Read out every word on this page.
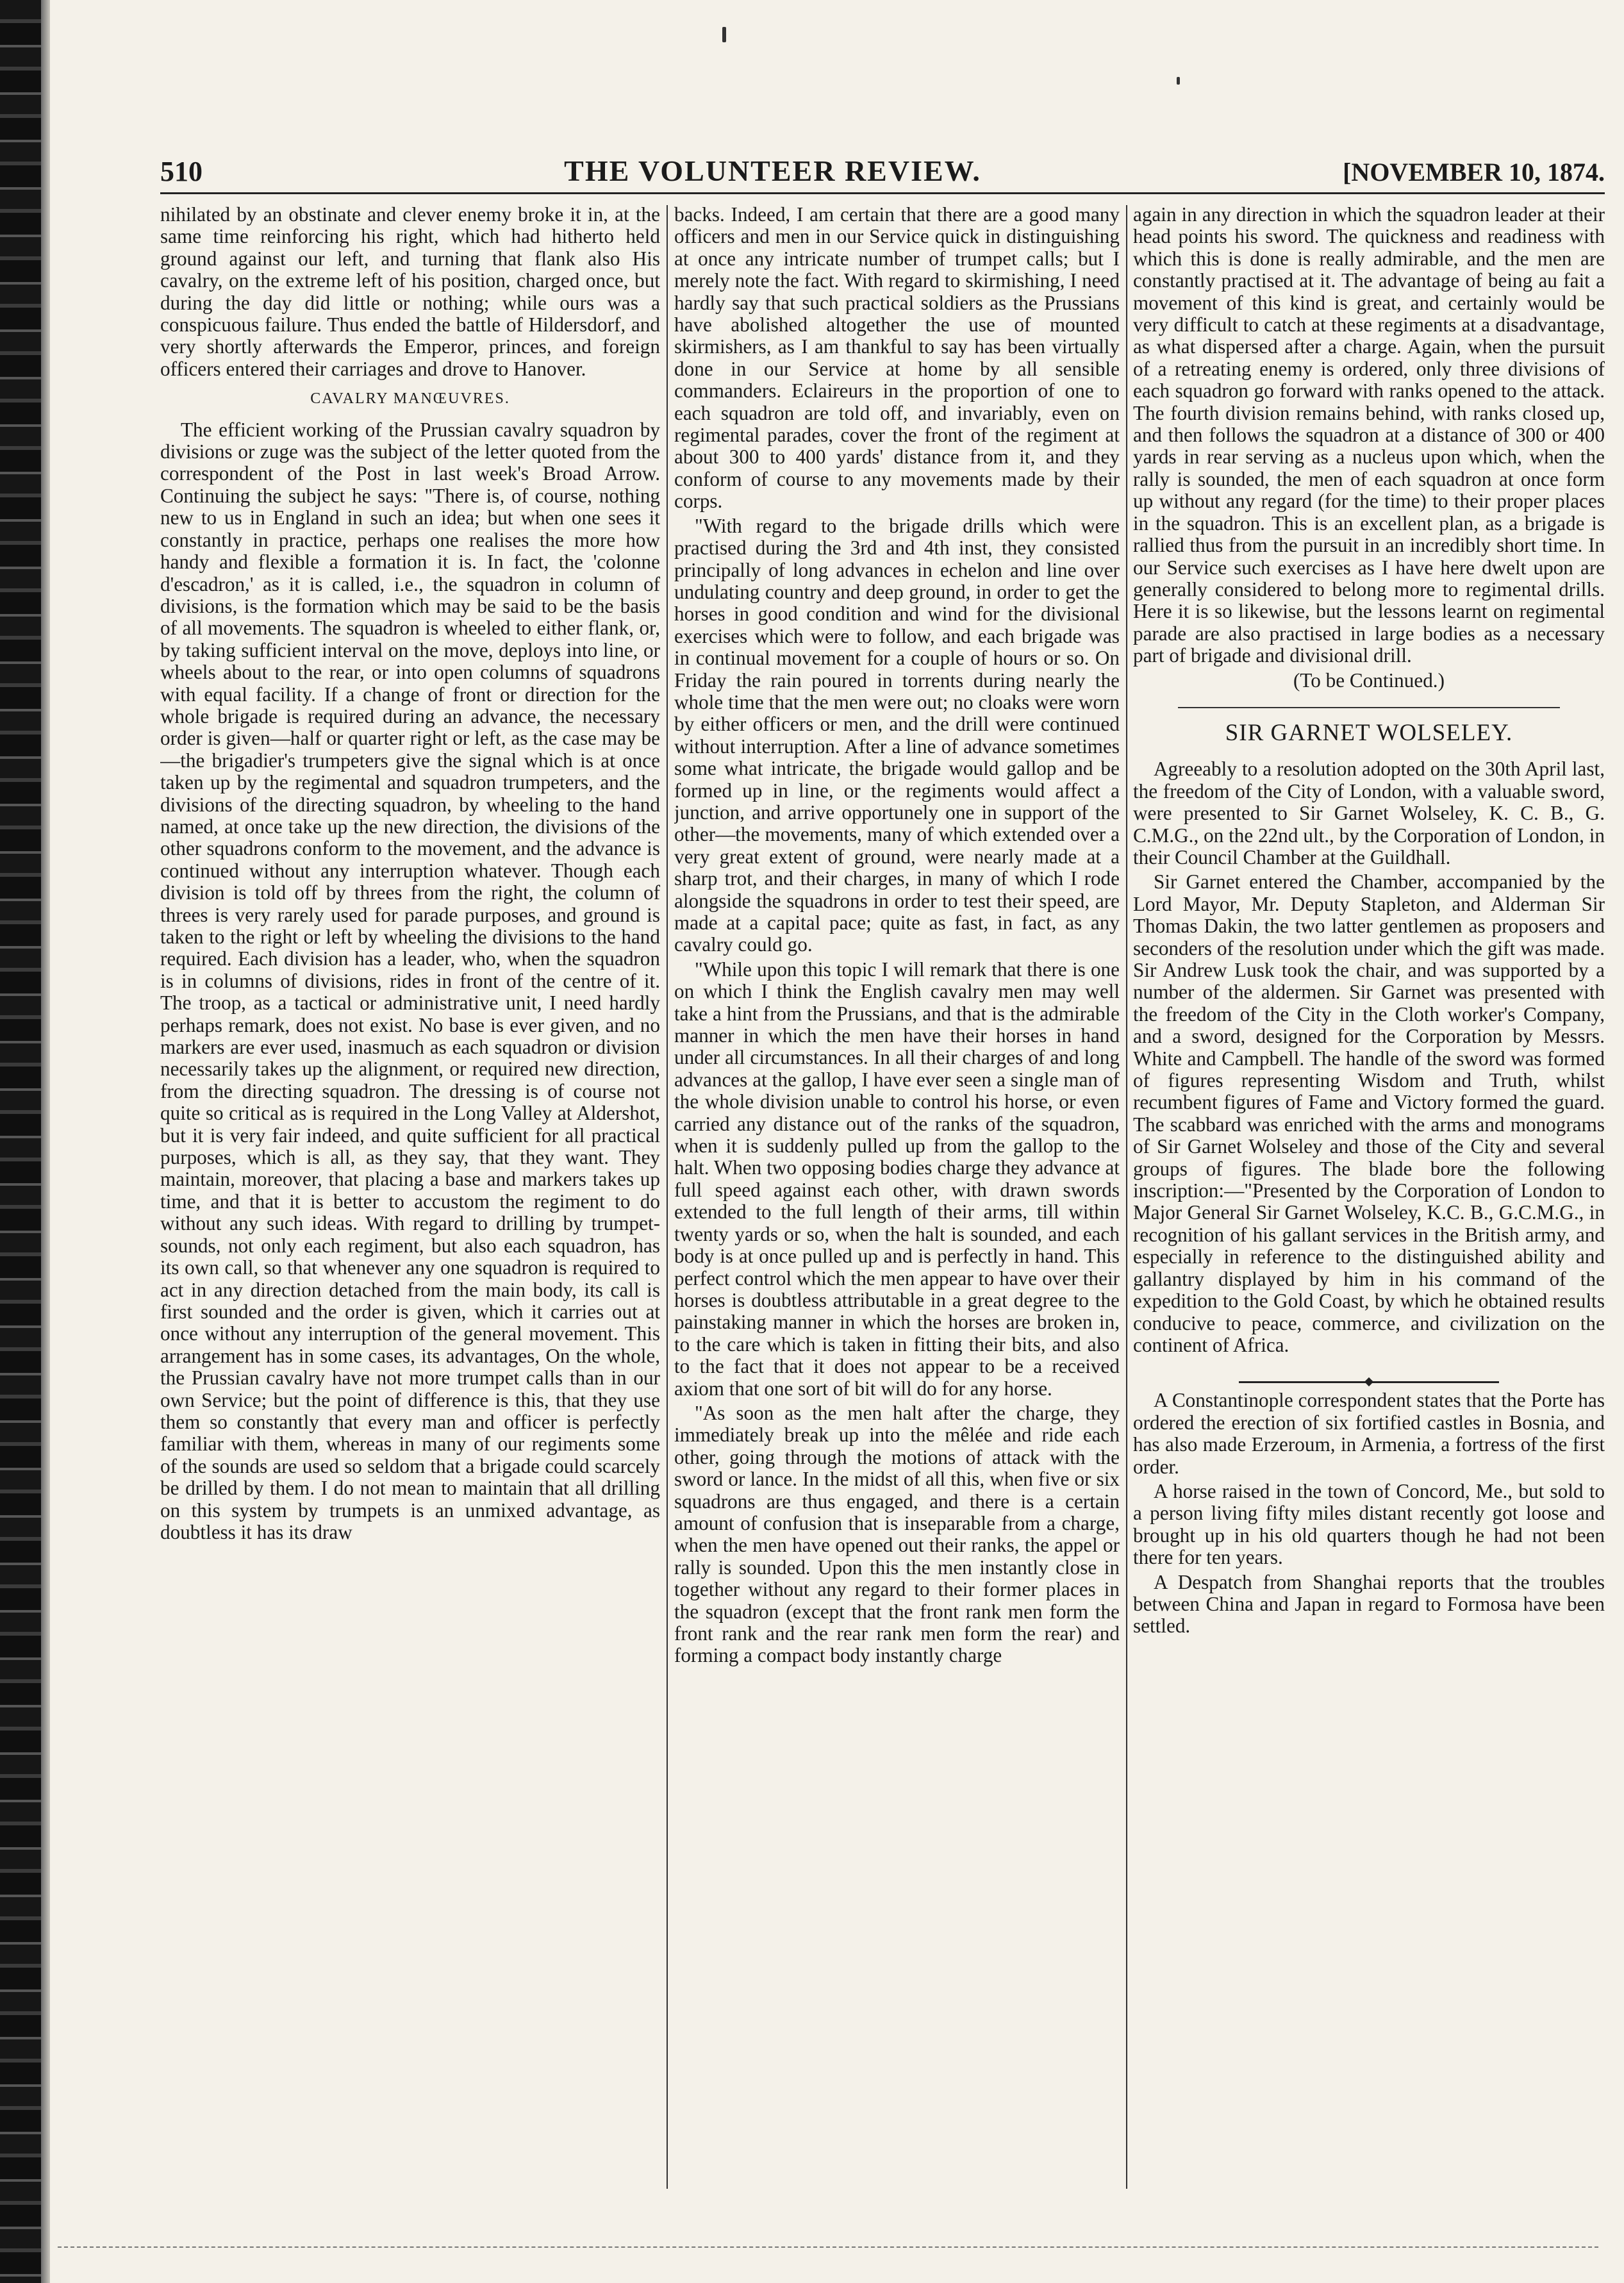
510	THE VOLUNTEER REVIEW.	[NOVEMBER 10, 1874.

nihilated by an obstinate and clever enemy broke it in, at the same time reinforcing his right, which had hitherto held ground against our left, and turning that flank also His cavalry, on the extreme left of his position, charged once, but during the day did little or nothing; while ours was a conspicuous failure. Thus ended the battle of Hildersdorf, and very shortly afterwards the Emperor, princes, and foreign officers entered their carriages and drove to Hanover.

CAVALRY MANŒUVRES.

The efficient working of the Prussian cavalry squadron by divisions or zuge was the subject of the letter quoted from the correspondent of the Post in last week's Broad Arrow. Continuing the subject he says: "There is, of course, nothing new to us in England in such an idea; but when one sees it constantly in practice, perhaps one realises the more how handy and flexible a formation it is. In fact, the 'colonne d'escadron,' as it is called, i.e., the squadron in column of divisions, is the formation which may be said to be the basis of all movements. The squadron is wheeled to either flank, or, by taking sufficient interval on the move, deploys into line, or wheels about to the rear, or into open columns of squadrons with equal facility. If a change of front or direction for the whole brigade is required during an advance, the necessary order is given—half or quarter right or left, as the case may be—the brigadier's trumpeters give the signal which is at once taken up by the regimental and squadron trumpeters, and the divisions of the directing squadron, by wheeling to the hand named, at once take up the new direction, the divisions of the other squadrons conform to the movement, and the advance is continued without any interruption whatever. Though each division is told off by threes from the right, the column of threes is very rarely used for parade purposes, and ground is taken to the right or left by wheeling the divisions to the hand required. Each division has a leader, who, when the squadron is in columns of divisions, rides in front of the centre of it. The troop, as a tactical or administrative unit, I need hardly perhaps remark, does not exist. No base is ever given, and no markers are ever used, inasmuch as each squadron or division necessarily takes up the alignment, or required new direction, from the directing squadron. The dressing is of course not quite so critical as is required in the Long Valley at Aldershot, but it is very fair indeed, and quite sufficient for all practical purposes, which is all, as they say, that they want. They maintain, moreover, that placing a base and markers takes up time, and that it is better to accustom the regiment to do without any such ideas. With regard to drilling by trumpet-sounds, not only each regiment, but also each squadron, has its own call, so that whenever any one squadron is required to act in any direction detached from the main body, its call is first sounded and the order is given, which it carries out at once without any interruption of the general movement. This arrangement has in some cases, its advantages, On the whole, the Prussian cavalry have not more trumpet calls than in our own Service; but the point of difference is this, that they use them so constantly that every man and officer is perfectly familiar with them, whereas in many of our regiments some of the sounds are used so seldom that a brigade could scarcely be drilled by them. I do not mean to maintain that all drilling on this system by trumpets is an unmixed advantage, as doubtless it has its draw

backs. Indeed, I am certain that there are a good many officers and men in our Service quick in distinguishing at once any intricate number of trumpet calls; but I merely note the fact. With regard to skirmishing, I need hardly say that such practical soldiers as the Prussians have abolished altogether the use of mounted skirmishers, as I am thankful to say has been virtually done in our Service at home by all sensible commanders. Eclaireurs in the proportion of one to each squadron are told off, and invariably, even on regimental parades, cover the front of the regiment at about 300 to 400 yards' distance from it, and they conform of course to any movements made by their corps.

"With regard to the brigade drills which were practised during the 3rd and 4th inst, they consisted principally of long advances in echelon and line over undulating country and deep ground, in order to get the horses in good condition and wind for the divisional exercises which were to follow, and each brigade was in continual movement for a couple of hours or so. On Friday the rain poured in torrents during nearly the whole time that the men were out; no cloaks were worn by either officers or men, and the drill were continued without interruption. After a line of advance sometimes some what intricate, the brigade would gallop and be formed up in line, or the regiments would affect a junction, and arrive opportunely one in support of the other—the movements, many of which extended over a very great extent of ground, were nearly made at a sharp trot, and their charges, in many of which I rode alongside the squadrons in order to test their speed, are made at a capital pace; quite as fast, in fact, as any cavalry could go.

"While upon this topic I will remark that there is one on which I think the English cavalry men may well take a hint from the Prussians, and that is the admirable manner in which the men have their horses in hand under all circumstances. In all their charges of and long advances at the gallop, I have ever seen a single man of the whole division unable to control his horse, or even carried any distance out of the ranks of the squadron, when it is suddenly pulled up from the gallop to the halt. When two opposing bodies charge they advance at full speed against each other, with drawn swords extended to the full length of their arms, till within twenty yards or so, when the halt is sounded, and each body is at once pulled up and is perfectly in hand. This perfect control which the men appear to have over their horses is doubtless attributable in a great degree to the painstaking manner in which the horses are broken in, to the care which is taken in fitting their bits, and also to the fact that it does not appear to be a received axiom that one sort of bit will do for any horse.

"As soon as the men halt after the charge, they immediately break up into the mêlée and ride each other, going through the motions of attack with the sword or lance. In the midst of all this, when five or six squadrons are thus engaged, and there is a certain amount of confusion that is inseparable from a charge, when the men have opened out their ranks, the appel or rally is sounded. Upon this the men instantly close in together without any regard to their former places in the squadron (except that the front rank men form the front rank and the rear rank men form the rear) and forming a compact body instantly charge

again in any direction in which the squadron leader at their head points his sword. The quickness and readiness with which this is done is really admirable, and the men are constantly practised at it. The advantage of being au fait a movement of this kind is great, and certainly would be very difficult to catch at these regiments at a disadvantage, as what dispersed after a charge. Again, when the pursuit of a retreating enemy is ordered, only three divisions of each squadron go forward with ranks opened to the attack. The fourth division remains behind, with ranks closed up, and then follows the squadron at a distance of 300 or 400 yards in rear serving as a nucleus upon which, when the rally is sounded, the men of each squadron at once form up without any regard (for the time) to their proper places in the squadron. This is an excellent plan, as a brigade is rallied thus from the pursuit in an incredibly short time. In our Service such exercises as I have here dwelt upon are generally considered to belong more to regimental drills. Here it is so likewise, but the lessons learnt on regimental parade are also practised in large bodies as a necessary part of brigade and divisional drill.

(To be Continued.)

SIR GARNET WOLSELEY.

Agreeably to a resolution adopted on the 30th April last, the freedom of the City of London, with a valuable sword, were presented to Sir Garnet Wolseley, K. C. B., G. C.M.G., on the 22nd ult., by the Corporation of London, in their Council Chamber at the Guildhall.

Sir Garnet entered the Chamber, accompanied by the Lord Mayor, Mr. Deputy Stapleton, and Alderman Sir Thomas Dakin, the two latter gentlemen as proposers and seconders of the resolution under which the gift was made. Sir Andrew Lusk took the chair, and was supported by a number of the aldermen. Sir Garnet was presented with the freedom of the City in the Cloth worker's Company, and a sword, designed for the Corporation by Messrs. White and Campbell. The handle of the sword was formed of figures representing Wisdom and Truth, whilst recumbent figures of Fame and Victory formed the guard. The scabbard was enriched with the arms and monograms of Sir Garnet Wolseley and those of the City and several groups of figures. The blade bore the following inscription:—"Presented by the Corporation of London to Major General Sir Garnet Wolseley, K.C. B., G.C.M.G., in recognition of his gallant services in the British army, and especially in reference to the distinguished ability and gallantry displayed by him in his command of the expedition to the Gold Coast, by which he obtained results conducive to peace, commerce, and civilization on the continent of Africa.

A Constantinople correspondent states that the Porte has ordered the erection of six fortified castles in Bosnia, and has also made Erzeroum, in Armenia, a fortress of the first order.

A horse raised in the town of Concord, Me., but sold to a person living fifty miles distant recently got loose and brought up in his old quarters though he had not been there for ten years.

A Despatch from Shanghai reports that the troubles between China and Japan in regard to Formosa have been settled.
